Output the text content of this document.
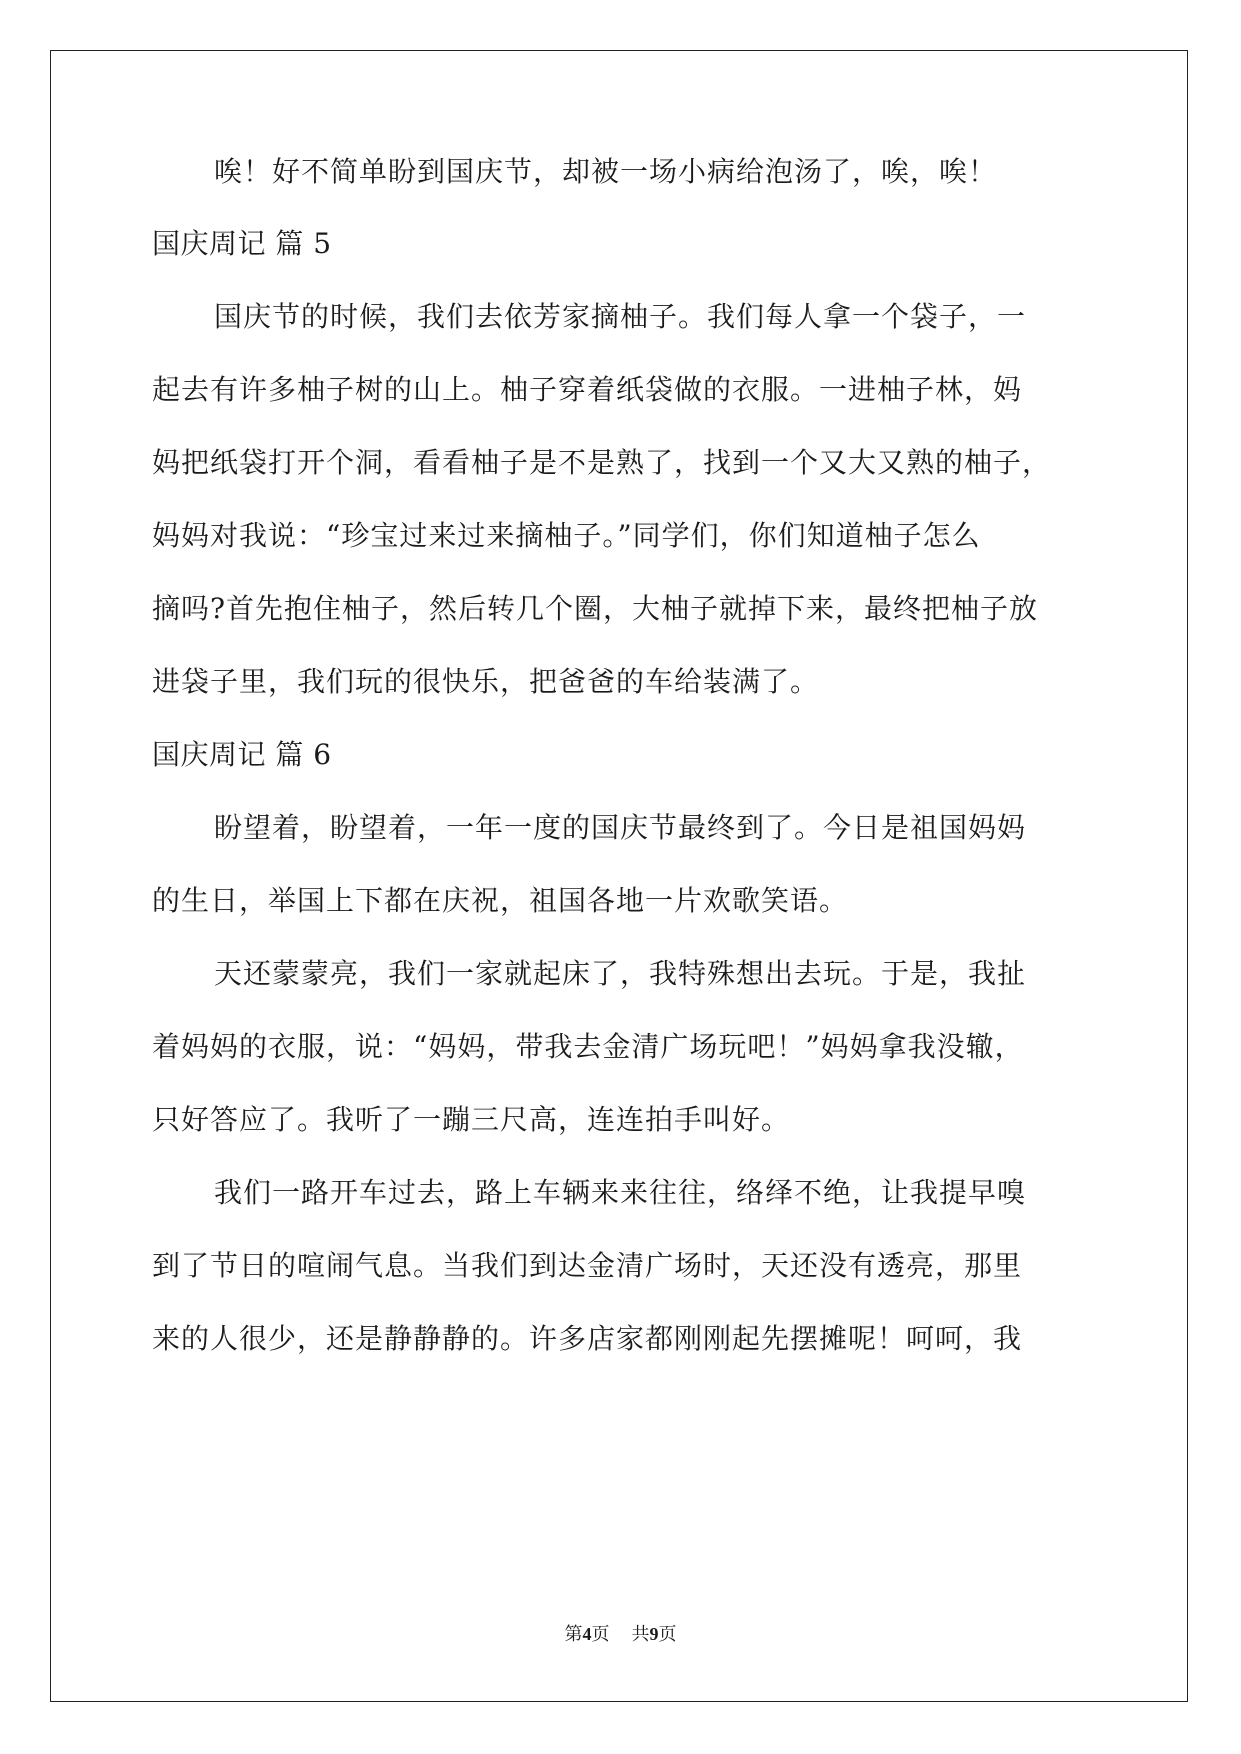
唉！好不简单盼到国庆节，却被一场小病给泡汤了，唉，唉！
国庆周记 篇 5
国庆节的时候，我们去依芳家摘柚子。我们每人拿一个袋子，一
起去有许多柚子树的山上。柚子穿着纸袋做的衣服。一进柚子林，妈
妈把纸袋打开个洞，看看柚子是不是熟了，找到一个又大又熟的柚子，
妈妈对我说：“珍宝过来过来摘柚子。”同学们，你们知道柚子怎么
摘吗?首先抱住柚子，然后转几个圈，大柚子就掉下来，最终把柚子放
进袋子里，我们玩的很快乐，把爸爸的车给装满了。
国庆周记 篇 6
盼望着，盼望着，一年一度的国庆节最终到了。今日是祖国妈妈
的生日，举国上下都在庆祝，祖国各地一片欢歌笑语。
天还蒙蒙亮，我们一家就起床了，我特殊想出去玩。于是，我扯
着妈妈的衣服，说：“妈妈，带我去金清广场玩吧！”妈妈拿我没辙，
只好答应了。我听了一蹦三尺高，连连拍手叫好。
我们一路开车过去，路上车辆来来往往，络绎不绝，让我提早嗅
到了节日的喧闹气息。当我们到达金清广场时，天还没有透亮，那里
来的人很少，还是静静静的。许多店家都刚刚起先摆摊呢！呵呵，我
第4页 共9页
